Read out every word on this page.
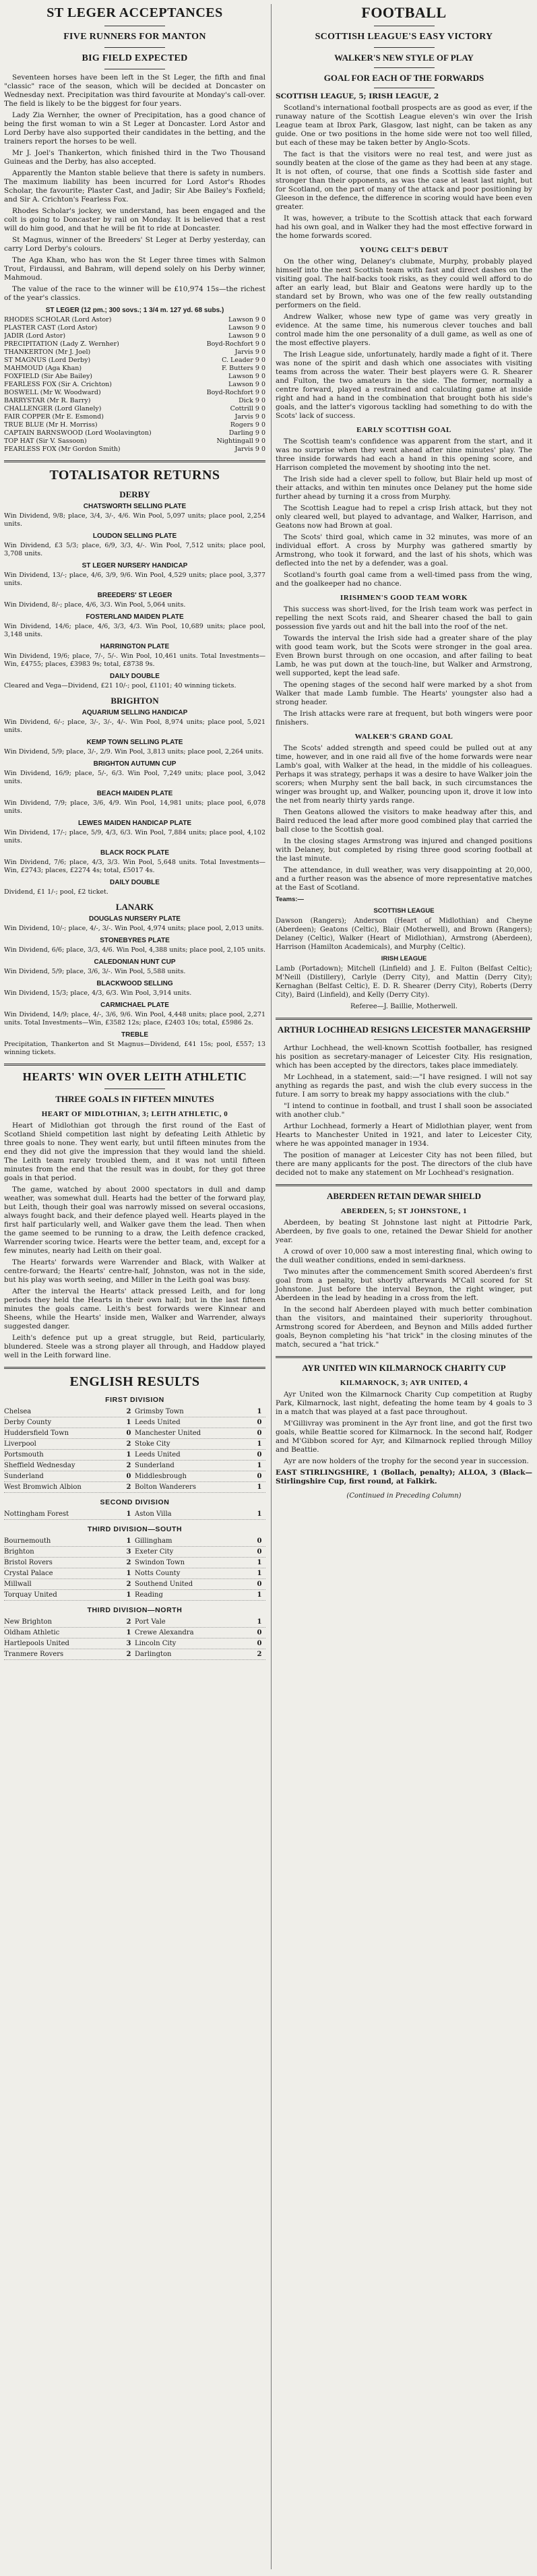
ST LEGER ACCEPTANCES
FIVE RUNNERS FOR MANTON
BIG FIELD EXPECTED

Seventeen horses have been left in the St Leger, the fifth and final "classic" race of the season, which will be decided at Doncaster on Wednesday next. Precipitation was third favourite at Monday's call-over. The field is likely to be the biggest for four years.

Lady Zia Wernher, the owner of Precipitation, has a good chance of being the first woman to win a St Leger at Doncaster. Lord Astor and Lord Derby have also supported their candidates in the betting, and the trainers report the horses to be well.

Mr J. Joel's Thankerton, which finished third in the Two Thousand Guineas and the Derby, has also accepted.

Apparently the Manton stable believe that there is safety in numbers. The maximum liability has been incurred for Lord Astor's Rhodes Scholar, the favourite; Plaster Cast, and Jadir; Sir Abe Bailey's Foxfield; and Sir A. Crichton's Fearless Fox.

Rhodes Scholar's jockey, we understand, has been engaged and the colt is going to Doncaster by rail on Monday. It is believed that a rest will do him good, and that he will be fit to ride at Doncaster.

St Magnus, winner of the Breeders' St Leger at Derby yesterday, can carry Lord Derby's colours.

The Aga Khan, who has won the St Leger three times with Salmon Trout, Firdaussi, and Bahram, will depend solely on his Derby winner, Mahmoud.

The value of the race to the winner will be £10,974 15s—the richest of the year's classics.

ST LEGER (12 pm.; 300 sovs.; 1 3/4 m. 127 yd. 68 subs.)
RHODES SCHOLAR (Lord Astor)	Lawson 9 0
PLASTER CAST (Lord Astor)	Lawson 9 0
JADIR (Lord Astor)	Lawson 9 0
PRECIPITATION (Lady Z. Wernher)	Boyd-Rochfort 9 0
THANKERTON (Mr J. Joel)	Jarvis 9 0
ST MAGNUS (Lord Derby)	C. Leader 9 0
MAHMOUD (Aga Khan)	F. Butters 9 0
FOXFIELD (Sir Abe Bailey)	Lawson 9 0
FEARLESS FOX (Sir A. Crichton)	Lawson 9 0
BOSWELL (Mr W. Woodward)	Boyd-Rochfort 9 0
BARRYSTAR (Mr R. Barry)	Dick 9 0
CHALLENGER (Lord Glanely)	Cottrill 9 0
FAIR COPPER (Mr E. Esmond)	Jarvis 9 0
TRUE BLUE (Mr H. Morriss)	Rogers 9 0
CAPTAIN BARNSWOOD (Lord Woolavington)	Darling 9 0
TOP HAT (Sir V. Sassoon)	Nightingall 9 0
FEARLESS FOX (Mr Gordon Smith)	Jarvis 9 0
TOTALISATOR RETURNS
DERBY
CHATSWORTH SELLING PLATE

Win Dividend, 9/8; place, 3/4, 3/-, 4/6. Win Pool, 5,097 units; place pool, 2,254 units.

LOUDON SELLING PLATE

Win Dividend, £3 5/3; place, 6/9, 3/3, 4/-. Win Pool, 7,512 units; place pool, 3,708 units.

ST LEGER NURSERY HANDICAP

Win Dividend, 13/-; place, 4/6, 3/9, 9/6. Win Pool, 4,529 units; place pool, 3,377 units.

BREEDERS' ST LEGER

Win Dividend, 8/-; place, 4/6, 3/3. Win Pool, 5,064 units.

FOSTERLAND MAIDEN PLATE

Win Dividend, 14/6; place, 4/6, 3/3, 4/3. Win Pool, 10,689 units; place pool, 3,148 units.

HARRINGTON PLATE

Win Dividend, 19/6; place, 7/-, 5/-. Win Pool, 10,461 units. Total Investments—Win, £4755; places, £3983 9s; total, £8738 9s.

DAILY DOUBLE

Cleared and Vega—Dividend, £21 10/-; pool, £1101; 40 winning tickets.

BRIGHTON
AQUARIUM SELLING HANDICAP

Win Dividend, 6/-; place, 3/-, 3/-, 4/-. Win Pool, 8,974 units; place pool, 5,021 units.

KEMP TOWN SELLING PLATE

Win Dividend, 5/9; place, 3/-, 2/9. Win Pool, 3,813 units; place pool, 2,264 units.

BRIGHTON AUTUMN CUP

Win Dividend, 16/9; place, 5/-, 6/3. Win Pool, 7,249 units; place pool, 3,042 units.

BEACH MAIDEN PLATE

Win Dividend, 7/9; place, 3/6, 4/9. Win Pool, 14,981 units; place pool, 6,078 units.

LEWES MAIDEN HANDICAP PLATE

Win Dividend, 17/-; place, 5/9, 4/3, 6/3. Win Pool, 7,884 units; place pool, 4,102 units.

BLACK ROCK PLATE

Win Dividend, 7/6; place, 4/3, 3/3. Win Pool, 5,648 units. Total Investments—Win, £2743; places, £2274 4s; total, £5017 4s.

DAILY DOUBLE

Dividend, £1 1/-; pool, £2 ticket.

LANARK
DOUGLAS NURSERY PLATE

Win Dividend, 10/-; place, 4/-, 3/-. Win Pool, 4,974 units; place pool, 2,013 units.

STONEBYRES PLATE

Win Dividend, 6/6; place, 3/3, 4/6. Win Pool, 4,388 units; place pool, 2,105 units.

CALEDONIAN HUNT CUP

Win Dividend, 5/9; place, 3/6, 3/-. Win Pool, 5,588 units.

BLACKWOOD SELLING

Win Dividend, 15/3; place, 4/3, 6/3. Win Pool, 3,914 units.

CARMICHAEL PLATE

Win Dividend, 14/9; place, 4/-, 3/6, 9/6. Win Pool, 4,448 units; place pool, 2,271 units. Total Investments—Win, £3582 12s; place, £2403 10s; total, £5986 2s.

TREBLE

Precipitation, Thankerton and St Magnus—Dividend, £41 15s; pool, £557; 13 winning tickets.

HEARTS' WIN OVER LEITH ATHLETIC
THREE GOALS IN FIFTEEN MINUTES
HEART OF MIDLOTHIAN, 3; LEITH ATHLETIC, 0

Heart of Midlothian got through the first round of the East of Scotland Shield competition last night by defeating Leith Athletic by three goals to none. They went early, but until fifteen minutes from the end they did not give the impression that they would land the shield. The Leith team rarely troubled them, and it was not until fifteen minutes from the end that the result was in doubt, for they got three goals in that period.

The game, watched by about 2000 spectators in dull and damp weather, was somewhat dull. Hearts had the better of the forward play, but Leith, though their goal was narrowly missed on several occasions, always fought back, and their defence played well. Hearts played in the first half particularly well, and Walker gave them the lead. Then when the game seemed to be running to a draw, the Leith defence cracked, Warrender scoring twice. Hearts were the better team, and, except for a few minutes, nearly had Leith on their goal.

The Hearts' forwards were Warrender and Black, with Walker at centre-forward; the Hearts' centre-half, Johnston, was not in the side, but his play was worth seeing, and Miller in the Leith goal was busy.

After the interval the Hearts' attack pressed Leith, and for long periods they held the Hearts in their own half; but in the last fifteen minutes the goals came. Leith's best forwards were Kinnear and Sheens, while the Hearts' inside men, Walker and Warrender, always suggested danger.

Leith's defence put up a great struggle, but Reid, particularly, blundered. Steele was a strong player all through, and Haddow played well in the Leith forward line.

ENGLISH RESULTS
FIRST DIVISION
Chelsea	2 Grimsby Town	1
Derby County	1 Leeds United	0
Huddersfield Town	0 Manchester United	0
Liverpool	2 Stoke City	1
Portsmouth	1 Leeds United	0
Sheffield Wednesday	2 Sunderland	1
Sunderland	0 Middlesbrough	0
West Bromwich Albion	2 Bolton Wanderers	1
SECOND DIVISION
Nottingham Forest	1 Aston Villa	1
THIRD DIVISION—SOUTH
Bournemouth	1 Gillingham	0
Brighton	3 Exeter City	0
Bristol Rovers	2 Swindon Town	1
Crystal Palace	1 Notts County	1
Millwall	2 Southend United	0
Torquay United	1 Reading	1
THIRD DIVISION—NORTH
New Brighton	2 Port Vale	1
Oldham Athletic	1 Crewe Alexandra	0
Hartlepools United	3 Lincoln City	0
Tranmere Rovers	2 Darlington	2
FOOTBALL
SCOTTISH LEAGUE'S EASY VICTORY
WALKER'S NEW STYLE OF PLAY
GOAL FOR EACH OF THE FORWARDS

SCOTTISH LEAGUE, 5; IRISH LEAGUE, 2

Scotland's international football prospects are as good as ever, if the runaway nature of the Scottish League eleven's win over the Irish League team at Ibrox Park, Glasgow, last night, can be taken as any guide. One or two positions in the home side were not too well filled, but each of these may be taken better by Anglo-Scots.

The fact is that the visitors were no real test, and were just as soundly beaten at the close of the game as they had been at any stage. It is not often, of course, that one finds a Scottish side faster and stronger than their opponents, as was the case at least last night, but for Scotland, on the part of many of the attack and poor positioning by Gleeson in the defence, the difference in scoring would have been even greater.

It was, however, a tribute to the Scottish attack that each forward had his own goal, and in Walker they had the most effective forward in the home forwards scored.

YOUNG CELT'S DEBUT

On the other wing, Delaney's clubmate, Murphy, probably played himself into the next Scottish team with fast and direct dashes on the visiting goal. The half-backs took risks, as they could well afford to do after an early lead, but Blair and Geatons were hardly up to the standard set by Brown, who was one of the few really outstanding performers on the field.

Andrew Walker, whose new type of game was very greatly in evidence. At the same time, his numerous clever touches and ball control made him the one personality of a dull game, as well as one of the most effective players.

The Irish League side, unfortunately, hardly made a fight of it. There was none of the spirit and dash which one associates with visiting teams from across the water. Their best players were G. R. Shearer and Fulton, the two amateurs in the side. The former, normally a centre forward, played a restrained and calculating game at inside right and had a hand in the combination that brought both his side's goals, and the latter's vigorous tackling had something to do with the Scots' lack of success.

EARLY SCOTTISH GOAL

The Scottish team's confidence was apparent from the start, and it was no surprise when they went ahead after nine minutes' play. The three inside forwards had each a hand in this opening score, and Harrison completed the movement by shooting into the net.

The Irish side had a clever spell to follow, but Blair held up most of their attacks, and within ten minutes once Delaney put the home side further ahead by turning it a cross from Murphy.

The Scottish League had to repel a crisp Irish attack, but they not only cleared well, but played to advantage, and Walker, Harrison, and Geatons now had Brown at goal.

The Scots' third goal, which came in 32 minutes, was more of an individual effort. A cross by Murphy was gathered smartly by Armstrong, who took it forward, and the last of his shots, which was deflected into the net by a defender, was a goal.

Scotland's fourth goal came from a well-timed pass from the wing, and the goalkeeper had no chance.

IRISHMEN'S GOOD TEAM WORK

This success was short-lived, for the Irish team work was perfect in repelling the next Scots raid, and Shearer chased the ball to gain possession five yards out and hit the ball into the roof of the net.

Towards the interval the Irish side had a greater share of the play with good team work, but the Scots were stronger in the goal area. Even Brown burst through on one occasion, and after failing to beat Lamb, he was put down at the touch-line, but Walker and Armstrong, well supported, kept the lead safe.

The opening stages of the second half were marked by a shot from Walker that made Lamb fumble. The Hearts' youngster also had a strong header.

The Irish attacks were rare at frequent, but both wingers were poor finishers.

WALKER'S GRAND GOAL

The Scots' added strength and speed could be pulled out at any time, however, and in one raid all five of the home forwards were near Lamb's goal, with Walker at the head, in the middle of his colleagues. Perhaps it was strategy, perhaps it was a desire to have Walker join the scorers; when Murphy sent the ball back, in such circumstances the winger was brought up, and Walker, pouncing upon it, drove it low into the net from nearly thirty yards range.

Then Geatons allowed the visitors to make headway after this, and Baird reduced the lead after more good combined play that carried the ball close to the Scottish goal.

In the closing stages Armstrong was injured and changed positions with Delaney, but completed by rising three good scoring football at the last minute.

The attendance, in dull weather, was very disappointing at 20,000, and a further reason was the absence of more representative matches at the East of Scotland.

Teams:—
SCOTTISH LEAGUE

Dawson (Rangers); Anderson (Heart of Midlothian) and Cheyne (Aberdeen); Geatons (Celtic), Blair (Motherwell), and Brown (Rangers); Delaney (Celtic), Walker (Heart of Midlothian), Armstrong (Aberdeen), Harrison (Hamilton Academicals), and Murphy (Celtic).

IRISH LEAGUE

Lamb (Portadown); Mitchell (Linfield) and J. E. Fulton (Belfast Celtic); M'Neill (Distillery), Carlyle (Derry City), and Mattin (Derry City); Kernaghan (Belfast Celtic), E. D. R. Shearer (Derry City), Roberts (Derry City), Baird (Linfield), and Kelly (Derry City).

Referee—J. Baillie, Motherwell.

ARTHUR LOCHHEAD RESIGNS LEICESTER MANAGERSHIP

Arthur Lochhead, the well-known Scottish footballer, has resigned his position as secretary-manager of Leicester City. His resignation, which has been accepted by the directors, takes place immediately.

Mr Lochhead, in a statement, said:—"I have resigned. I will not say anything as regards the past, and wish the club every success in the future. I am sorry to break my happy associations with the club."

"I intend to continue in football, and trust I shall soon be associated with another club."

Arthur Lochhead, formerly a Heart of Midlothian player, went from Hearts to Manchester United in 1921, and later to Leicester City, where he was appointed manager in 1934.

The position of manager at Leicester City has not been filled, but there are many applicants for the post. The directors of the club have decided not to make any statement on Mr Lochhead's resignation.

ABERDEEN RETAIN DEWAR SHIELD
ABERDEEN, 5; ST JOHNSTONE, 1

Aberdeen, by beating St Johnstone last night at Pittodrie Park, Aberdeen, by five goals to one, retained the Dewar Shield for another year.

A crowd of over 10,000 saw a most interesting final, which owing to the dull weather conditions, ended in semi-darkness.

Two minutes after the commencement Smith scored Aberdeen's first goal from a penalty, but shortly afterwards M'Call scored for St Johnstone. Just before the interval Beynon, the right winger, put Aberdeen in the lead by heading in a cross from the left.

In the second half Aberdeen played with much better combination than the visitors, and maintained their superiority throughout. Armstrong scored for Aberdeen, and Beynon and Mills added further goals, Beynon completing his "hat trick" in the closing minutes of the match, secured a "hat trick."

AYR UNITED WIN KILMARNOCK CHARITY CUP
KILMARNOCK, 3; AYR UNITED, 4

Ayr United won the Kilmarnock Charity Cup competition at Rugby Park, Kilmarnock, last night, defeating the home team by 4 goals to 3 in a match that was played at a fast pace throughout.

M'Gillivray was prominent in the Ayr front line, and got the first two goals, while Beattie scored for Kilmarnock. In the second half, Rodger and M'Gibbon scored for Ayr, and Kilmarnock replied through Milloy and Beattie.

Ayr are now holders of the trophy for the second year in succession.

EAST STIRLINGSHIRE, 1 (Bollach, penalty); ALLOA, 3 (Black—Stirlingshire Cup, first round, at Falkirk.

(Continued in Preceding Column)
